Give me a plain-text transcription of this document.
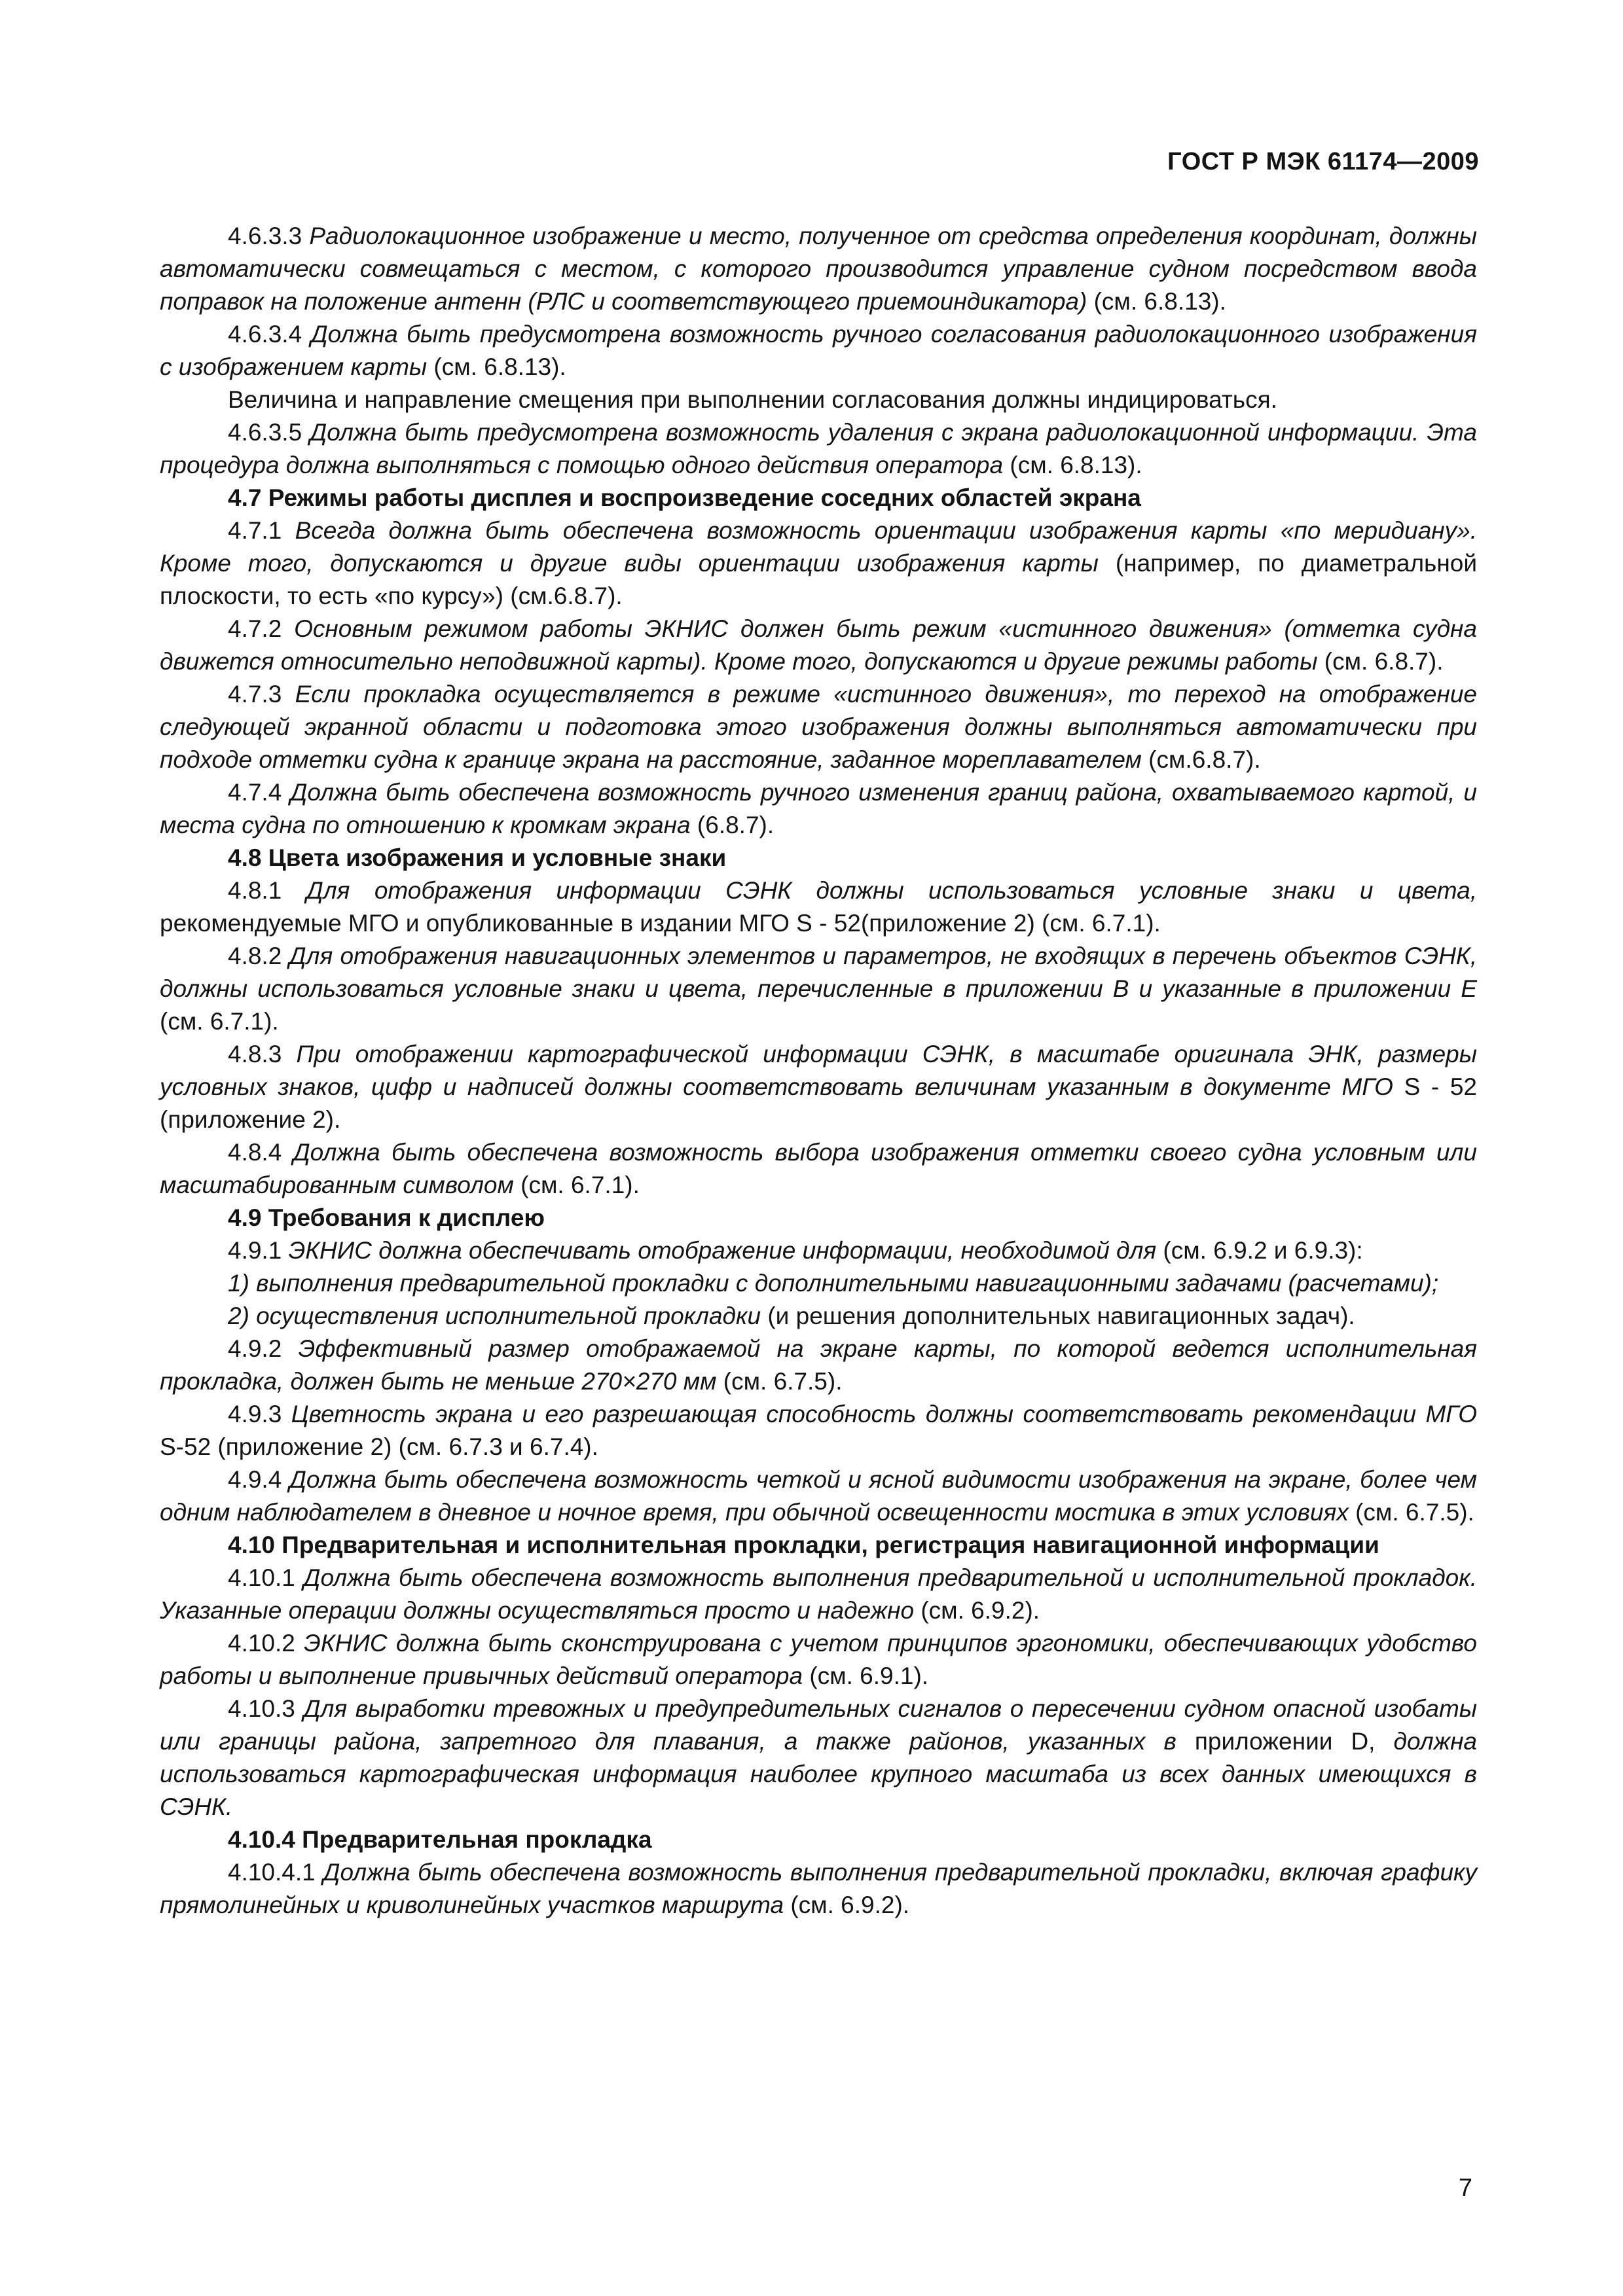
ГОСТ Р МЭК 61174—2009

4.6.3.3 Радиолокационное изображение и место, полученное от средства определения координат, должны автоматически совмещаться с местом, с которого производится управление судном посредством ввода поправок на положение антенн (РЛС и соответствующего приемоиндикатора) (см. 6.8.13).

4.6.3.4 Должна быть предусмотрена возможность ручного согласования радиолокационного изображения с изображением карты (см. 6.8.13).

Величина и направление смещения при выполнении согласования должны индицироваться.

4.6.3.5 Должна быть предусмотрена возможность удаления с экрана радиолокационной информации. Эта процедура должна выполняться с помощью одного действия оператора (см. 6.8.13).

4.7 Режимы работы дисплея и воспроизведение соседних областей экрана

4.7.1 Всегда должна быть обеспечена возможность ориентации изображения карты «по меридиану». Кроме того, допускаются и другие виды ориентации изображения карты (например, по диаметральной плоскости, то есть «по курсу») (см.6.8.7).

4.7.2 Основным режимом работы ЭКНИС должен быть режим «истинного движения» (отметка судна движется относительно неподвижной карты). Кроме того, допускаются и другие режимы работы (см. 6.8.7).

4.7.3 Если прокладка осуществляется в режиме «истинного движения», то переход на отображение следующей экранной области и подготовка этого изображения должны выполняться автоматически при подходе отметки судна к границе экрана на расстояние, заданное мореплавателем (см.6.8.7).

4.7.4 Должна быть обеспечена возможность ручного изменения границ района, охватываемого картой, и места судна по отношению к кромкам экрана (6.8.7).

4.8 Цвета изображения и условные знаки

4.8.1 Для отображения информации СЭНК должны использоваться условные знаки и цвета, рекомендуемые МГО и опубликованные в издании МГО S - 52(приложение 2) (см. 6.7.1).

4.8.2 Для отображения навигационных элементов и параметров, не входящих в перечень объектов СЭНК, должны использоваться условные знаки и цвета, перечисленные в приложении В и указанные в приложении Е (см. 6.7.1).

4.8.3 При отображении картографической информации СЭНК, в масштабе оригинала ЭНК, размеры условных знаков, цифр и надписей должны соответствовать величинам указанным в документе МГО S - 52 (приложение 2).

4.8.4 Должна быть обеспечена возможность выбора изображения отметки своего судна условным или масштабированным символом (см. 6.7.1).

4.9 Требования к дисплею

4.9.1 ЭКНИС должна обеспечивать отображение информации, необходимой для (см. 6.9.2 и 6.9.3):

1) выполнения предварительной прокладки с дополнительными навигационными задачами (расчетами);

2) осуществления исполнительной прокладки (и решения дополнительных навигационных задач).

4.9.2 Эффективный размер отображаемой на экране карты, по которой ведется исполнительная прокладка, должен быть не меньше 270×270 мм (см. 6.7.5).

4.9.3 Цветность экрана и его разрешающая способность должны соответствовать рекомендации МГО S-52 (приложение 2) (см. 6.7.3 и 6.7.4).

4.9.4 Должна быть обеспечена возможность четкой и ясной видимости изображения на экране, более чем одним наблюдателем в дневное и ночное время, при обычной освещенности мостика в этих условиях (см. 6.7.5).

4.10 Предварительная и исполнительная прокладки, регистрация навигационной информации

4.10.1 Должна быть обеспечена возможность выполнения предварительной и исполнительной прокладок. Указанные операции должны осуществляться просто и надежно (см. 6.9.2).

4.10.2 ЭКНИС должна быть сконструирована с учетом принципов эргономики, обеспечивающих удобство работы и выполнение привычных действий оператора (см. 6.9.1).

4.10.3 Для выработки тревожных и предупредительных сигналов о пересечении судном опасной изобаты или границы района, запретного для плавания, а также районов, указанных в приложении D, должна использоваться картографическая информация наиболее крупного масштаба из всех данных имеющихся в СЭНК.

4.10.4 Предварительная прокладка

4.10.4.1 Должна быть обеспечена возможность выполнения предварительной прокладки, включая графику прямолинейных и криволинейных участков маршрута (см. 6.9.2).

7
